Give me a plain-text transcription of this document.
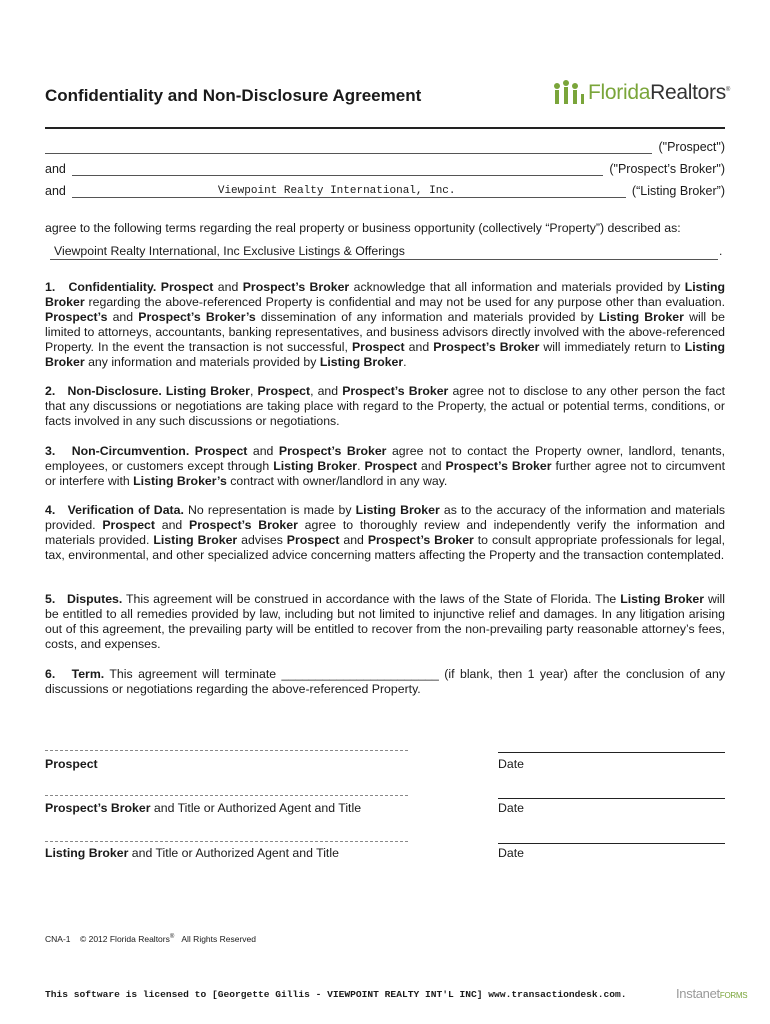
Confidentiality and Non-Disclosure Agreement	FloridaRealtors®
("Prospect")
and	("Prospect’s Broker")
and	Viewpoint Realty International, Inc.	(“Listing Broker”)
agree to the following terms regarding the real property or business opportunity (collectively “Property”) described as:
Viewpoint Realty International, Inc Exclusive Listings & Offerings	.
1. Confidentiality. Prospect and Prospect’s Broker acknowledge that all information and materials provided by Listing Broker regarding the above-referenced Property is confidential and may not be used for any purpose other than evaluation. Prospect’s and Prospect’s Broker’s dissemination of any information and materials provided by Listing Broker will be limited to attorneys, accountants, banking representatives, and business advisors directly involved with the above-referenced Property. In the event the transaction is not successful, Prospect and Prospect’s Broker will immediately return to Listing Broker any information and materials provided by Listing Broker.
2. Non-Disclosure. Listing Broker, Prospect, and Prospect’s Broker agree not to disclose to any other person the fact that any discussions or negotiations are taking place with regard to the Property, the actual or potential terms, conditions, or facts involved in any such discussions or negotiations.
3. Non-Circumvention. Prospect and Prospect’s Broker agree not to contact the Property owner, landlord, tenants, employees, or customers except through Listing Broker. Prospect and Prospect’s Broker further agree not to circumvent or interfere with Listing Broker’s contract with owner/landlord in any way.
4. Verification of Data. No representation is made by Listing Broker as to the accuracy of the information and materials provided. Prospect and Prospect’s Broker agree to thoroughly review and independently verify the information and materials provided. Listing Broker advises Prospect and Prospect’s Broker to consult appropriate professionals for legal, tax, environmental, and other specialized advice concerning matters affecting the Property and the transaction contemplated.
5. Disputes. This agreement will be construed in accordance with the laws of the State of Florida. The Listing Broker will be entitled to all remedies provided by law, including but not limited to injunctive relief and damages. In any litigation arising out of this agreement, the prevailing party will be entitled to recover from the non-prevailing party reasonable attorney’s fees, costs, and expenses.
6. Term. This agreement will terminate _______________________ (if blank, then 1 year) after the conclusion of any discussions or negotiations regarding the above-referenced Property.
Prospect	Date
Prospect’s Broker and Title or Authorized Agent and Title	Date
Listing Broker and Title or Authorized Agent and Title	Date
CNA-1 © 2012 Florida Realtors® All Rights Reserved
This software is licensed to [Georgette Gillis - VIEWPOINT REALTY INT'L INC] www.transactiondesk.com.	InstanetFORMS
